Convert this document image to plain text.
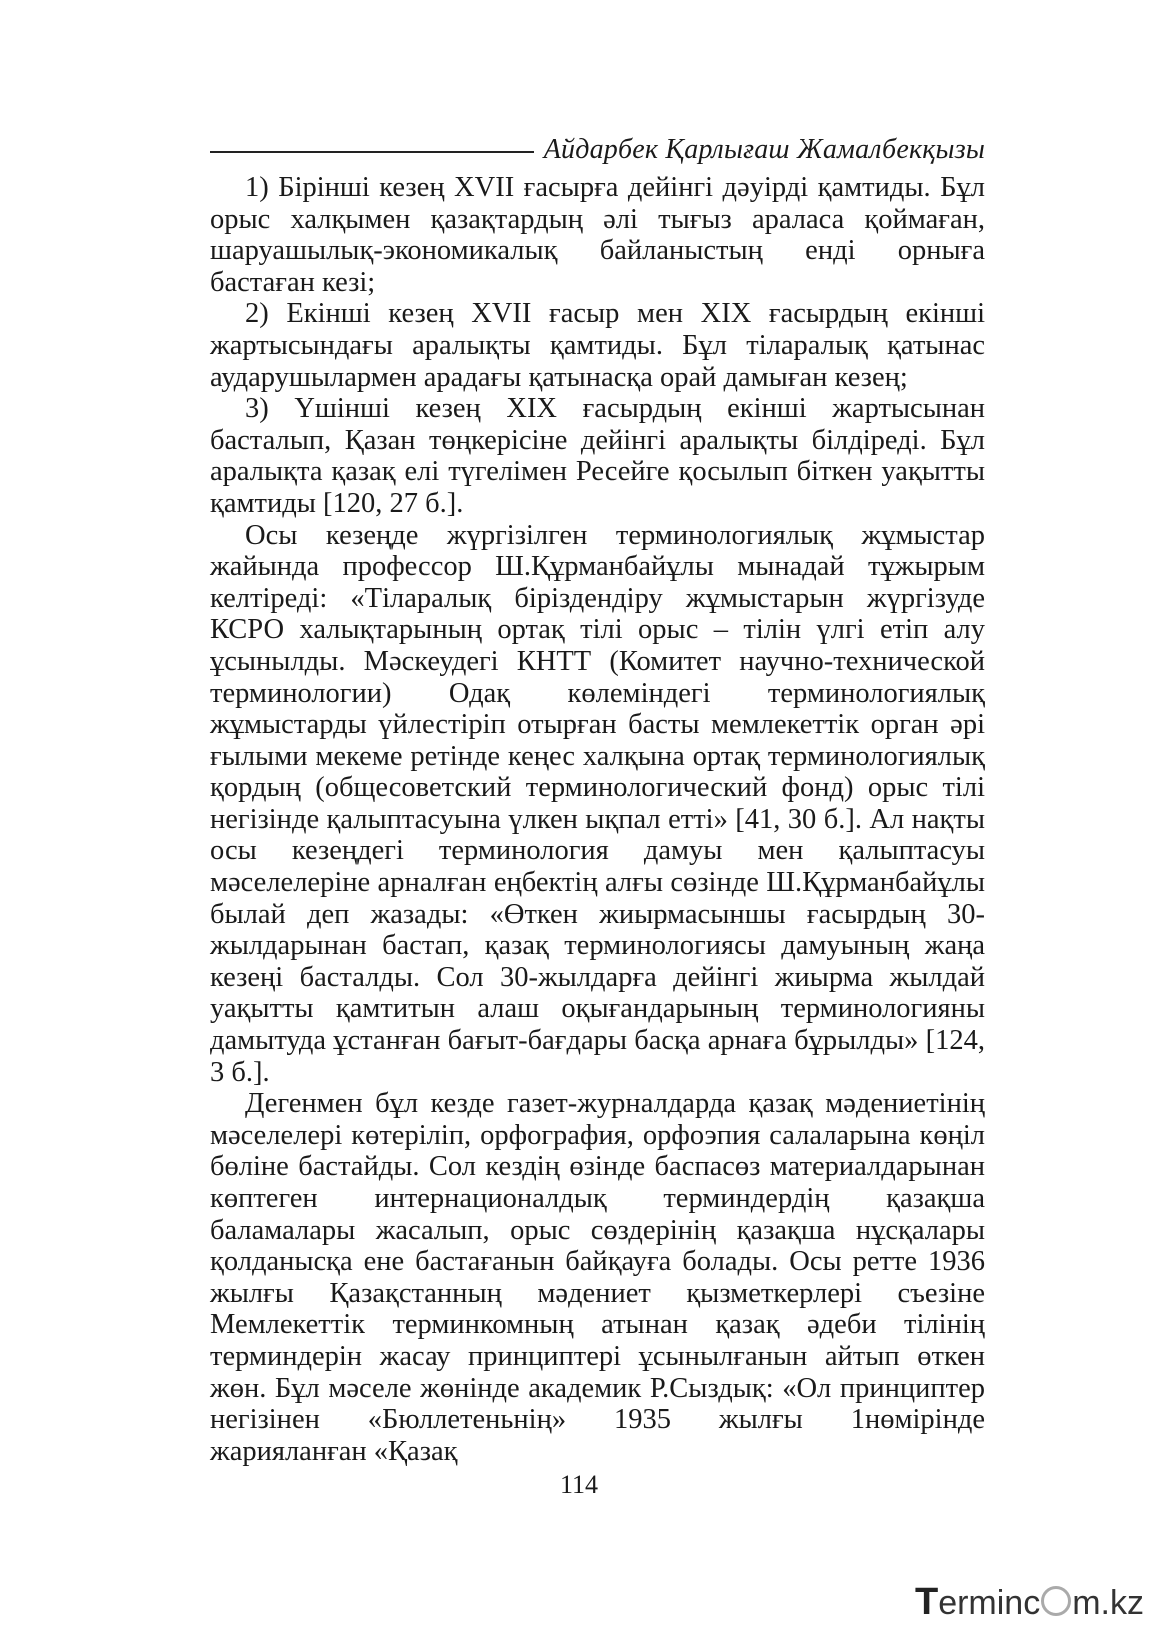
Айдарбек Қарлығаш Жамалбекқызы

1) Бірінші кезең XVII ғасырға дейінгі дәуірді қамтиды. Бұл орыс халқымен қазақтардың әлі тығыз араласа қоймаған, шаруашылық-экономикалық байланыстың енді орныға бастаған кезі;

2) Екінші кезең XVII ғасыр мен XIX ғасырдың екінші жартысындағы аралықты қамтиды. Бұл тіларалық қатынас аударушылармен арадағы қатынасқа орай дамыған кезең;

3) Үшінші кезең XIX ғасырдың екінші жартысынан басталып, Қазан төңкерісіне дейінгі аралықты білдіреді. Бұл аралықта қазақ елі түгелімен Ресейге қосылып біткен уақытты қамтиды [120, 27 б.].

Осы кезеңде жүргізілген терминологиялық жұмыстар жайында профессор Ш.Құрманбайұлы мынадай тұжырым келтіреді: «Тіларалық біріздендіру жұмыстарын жүргізуде КСРО халықтарының ортақ тілі орыс – тілін үлгі етіп алу ұсынылды. Мәскеудегі КНТТ (Комитет научно-технической терминологии) Одақ көлеміндегі терминологиялық жұмыстарды үйлестіріп отырған басты мемлекеттік орган әрі ғылыми мекеме ретінде кеңес халқына ортақ терминологиялық қордың (общесоветский терминологический фонд) орыс тілі негізінде қалыптасуына үлкен ықпал етті» [41, 30 б.]. Ал нақты осы кезеңдегі терминология дамуы мен қалыптасуы мәселелеріне арналған еңбектің алғы сөзінде Ш.Құрманбайұлы былай деп жазады: «Өткен жиырмасыншы ғасырдың 30-жылдарынан бастап, қазақ терминологиясы дамуының жаңа кезеңі басталды. Сол 30-жылдарға дейінгі жиырма жылдай уақытты қамтитын алаш оқығандарының терминологияны дамытуда ұстанған бағыт-бағдары басқа арнаға бұрылды» [124, 3 б.].

Дегенмен бұл кезде газет-журналдарда қазақ мәдениетінің мәселелері көтеріліп, орфография, орфоэпия салаларына көңіл бөліне бастайды. Сол кездің өзінде баспасөз материалдарынан көптеген интернационалдық терминдердің қазақша баламалары жасалып, орыс сөздерінің қазақша нұсқалары қолданысқа ене бастағанын байқауға болады. Осы ретте 1936 жылғы Қазақстанның мәдениет қызметкерлері съезіне Мемлекеттік терминкомның атынан қазақ әдеби тілінің терминдерін жасау принциптері ұсынылғанын айтып өткен жөн. Бұл мәселе жөнінде академик Р.Сыздық: «Ол принциптер негізінен «Бюллетеньнің» 1935 жылғы 1нөмірінде жарияланған «Қазақ

114
T erminc m.kz
